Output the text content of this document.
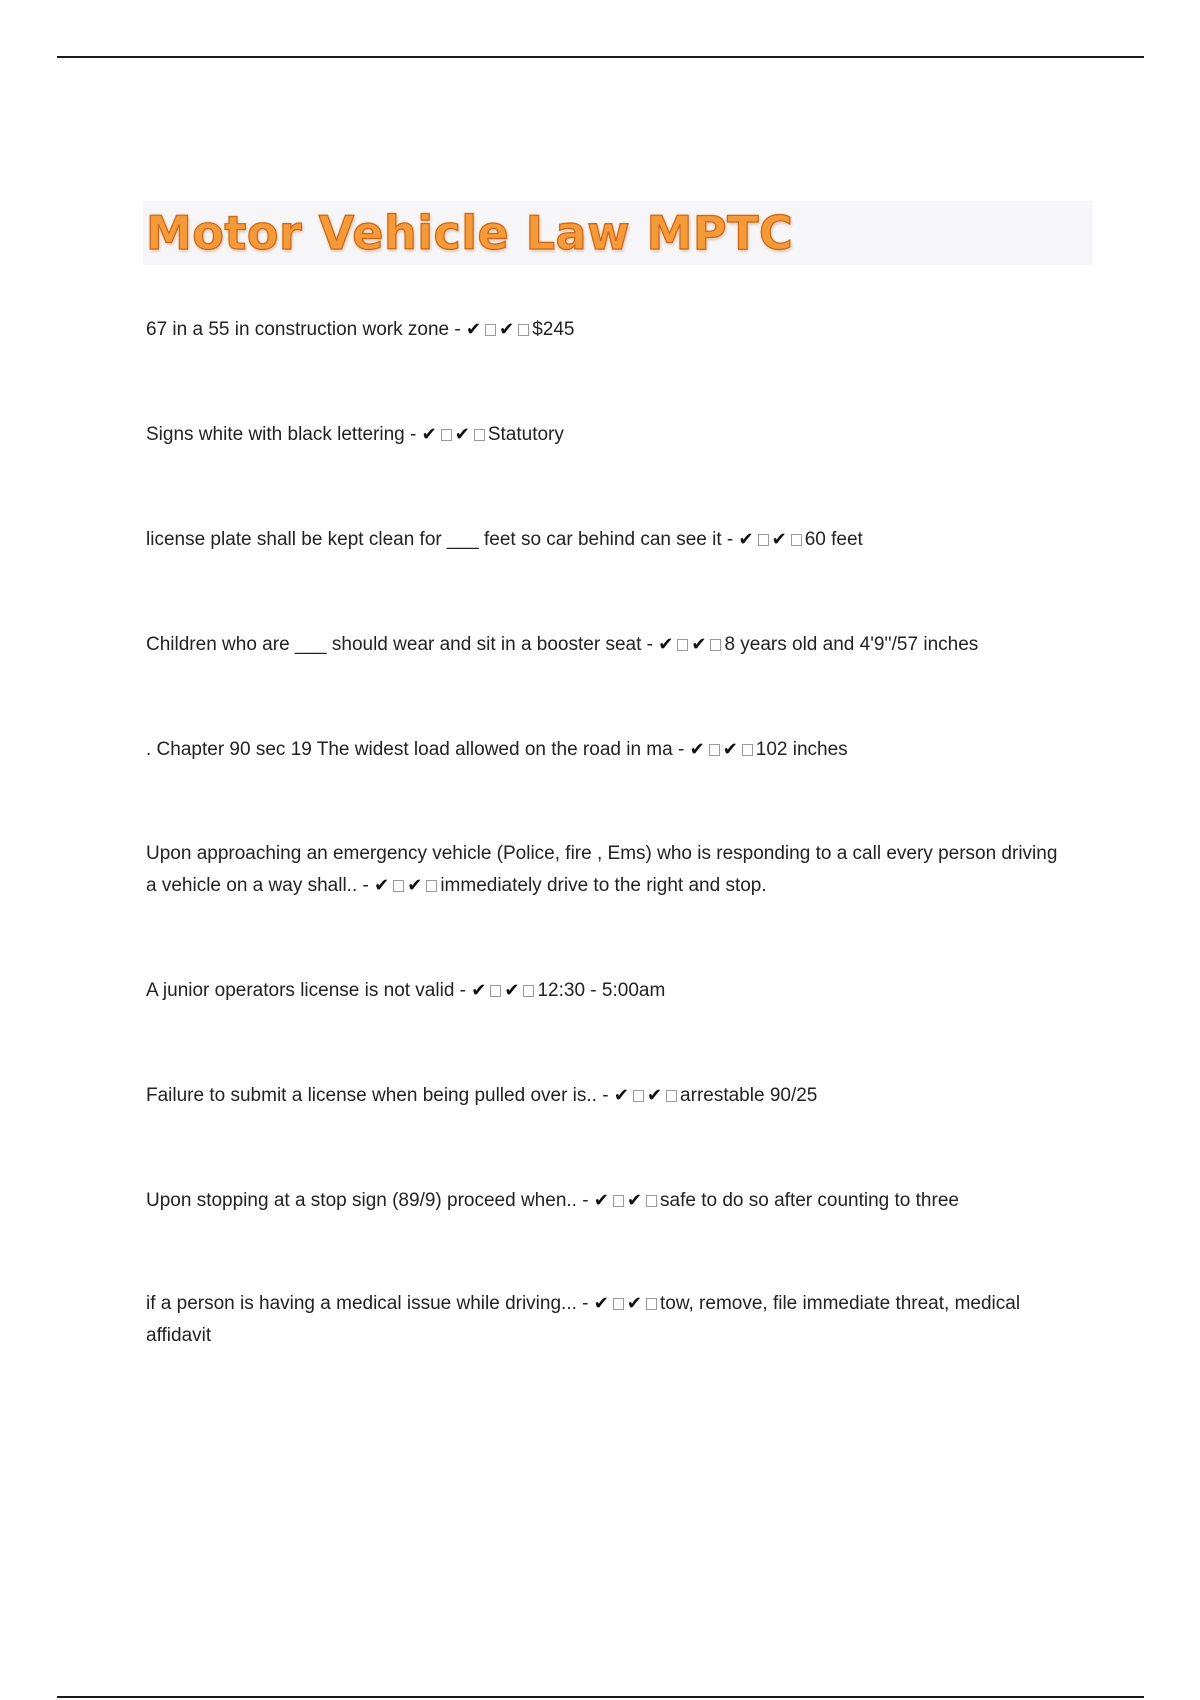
Motor Vehicle Law MPTC
67 in a 55 in construction work zone - ✔ ✔ $245
Signs white with black lettering - ✔ ✔ Statutory
license plate shall be kept clean for ___ feet so car behind can see it - ✔ ✔ 60 feet
Children who are ___ should wear and sit in a booster seat - ✔ ✔ 8 years old and 4'9''/57 inches
. Chapter 90 sec 19 The widest load allowed on the road in ma - ✔ ✔ 102 inches
Upon approaching an emergency vehicle (Police, fire , Ems) who is responding to a call every person driving a vehicle on a way shall.. - ✔ ✔ immediately drive to the right and stop.
A junior operators license is not valid - ✔ ✔ 12:30 - 5:00am
Failure to submit a license when being pulled over is.. - ✔ ✔ arrestable 90/25
Upon stopping at a stop sign (89/9) proceed when.. - ✔ ✔ safe to do so after counting to three
if a person is having a medical issue while driving... - ✔ ✔ tow, remove, file immediate threat, medical affidavit
